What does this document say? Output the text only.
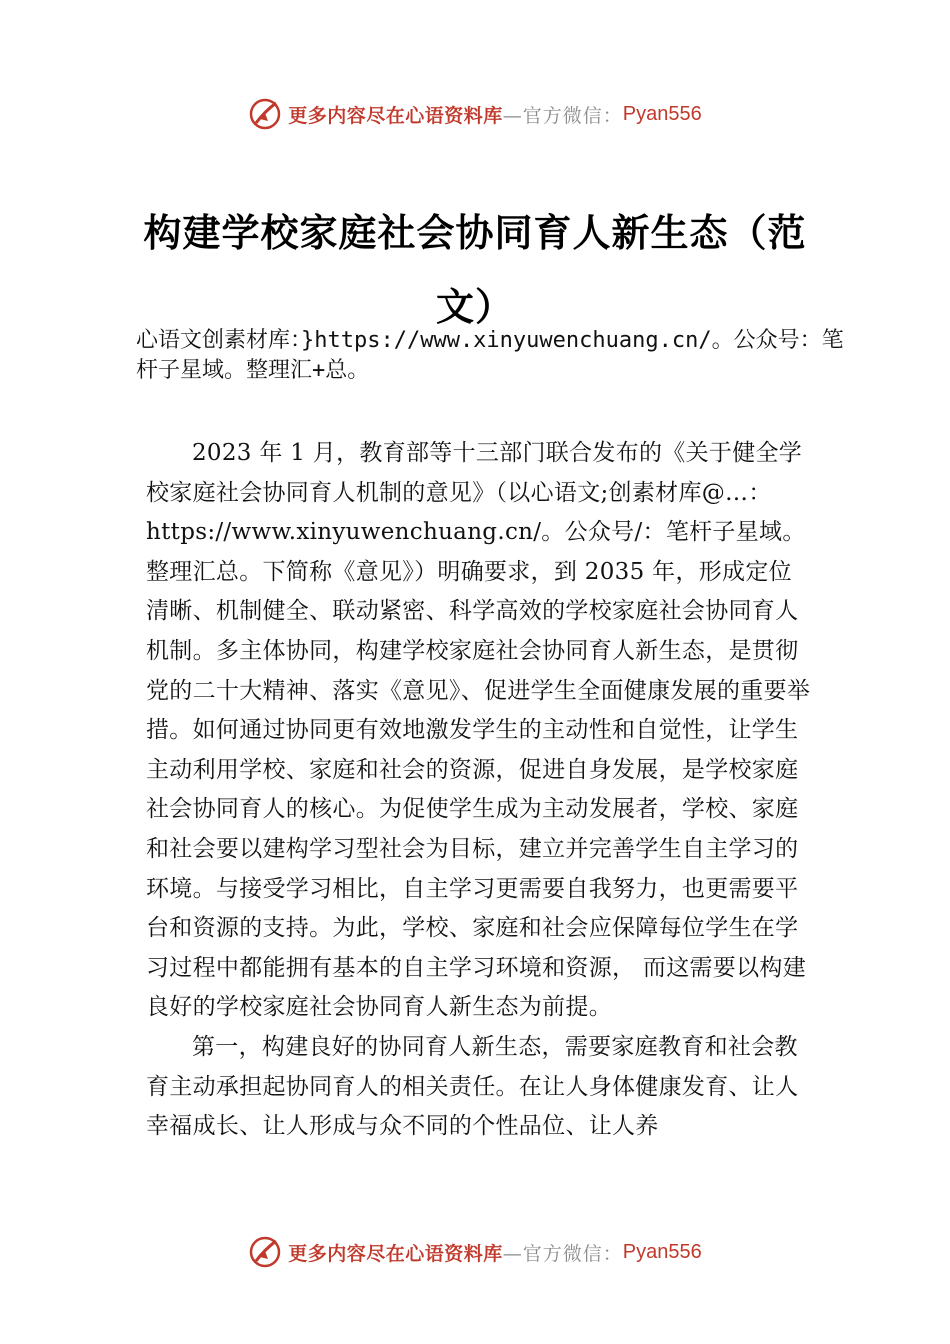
更多内容尽在心语资料库 —官方微信： Pyan556
构建学校家庭社会协同育人新生态（范文）

心语文创素材库：}https://www.xinyuwenchuang.cn/。公众号：笔杆子星域。整理汇+总。

2023 年 1 月，教育部等十三部门联合发布的《关于健全学校家庭社会协同育人机制的意见》（以心语文;创素材库@…：https://www.xinyuwenchuang.cn/。公众号/：笔杆子星域。整理汇总。下简称《意见》）明确要求，到 2035 年，形成定位清晰、机制健全、联动紧密、科学高效的学校家庭社会协同育人机制。多主体协同，构建学校家庭社会协同育人新生态，是贯彻党的二十大精神、落实《意见》、促进学生全面健康发展的重要举措。如何通过协同更有效地激发学生的主动性和自觉性，让学生主动利用学校、家庭和社会的资源，促进自身发展，是学校家庭社会协同育人的核心。为促使学生成为主动发展者，学校、家庭和社会要以建构学习型社会为目标，建立并完善学生自主学习的环境。与接受学习相比，自主学习更需要自我努力，也更需要平台和资源的支持。为此，学校、家庭和社会应保障每位学生在学习过程中都能拥有基本的自主学习环境和资源， 而这需要以构建良好的学校家庭社会协同育人新生态为前提。

第一，构建良好的协同育人新生态，需要家庭教育和社会教育主动承担起协同育人的相关责任。在让人身体健康发育、让人幸福成长、让人形成与众不同的个性品位、让人养

更多内容尽在心语资料库 —官方微信： Pyan556
